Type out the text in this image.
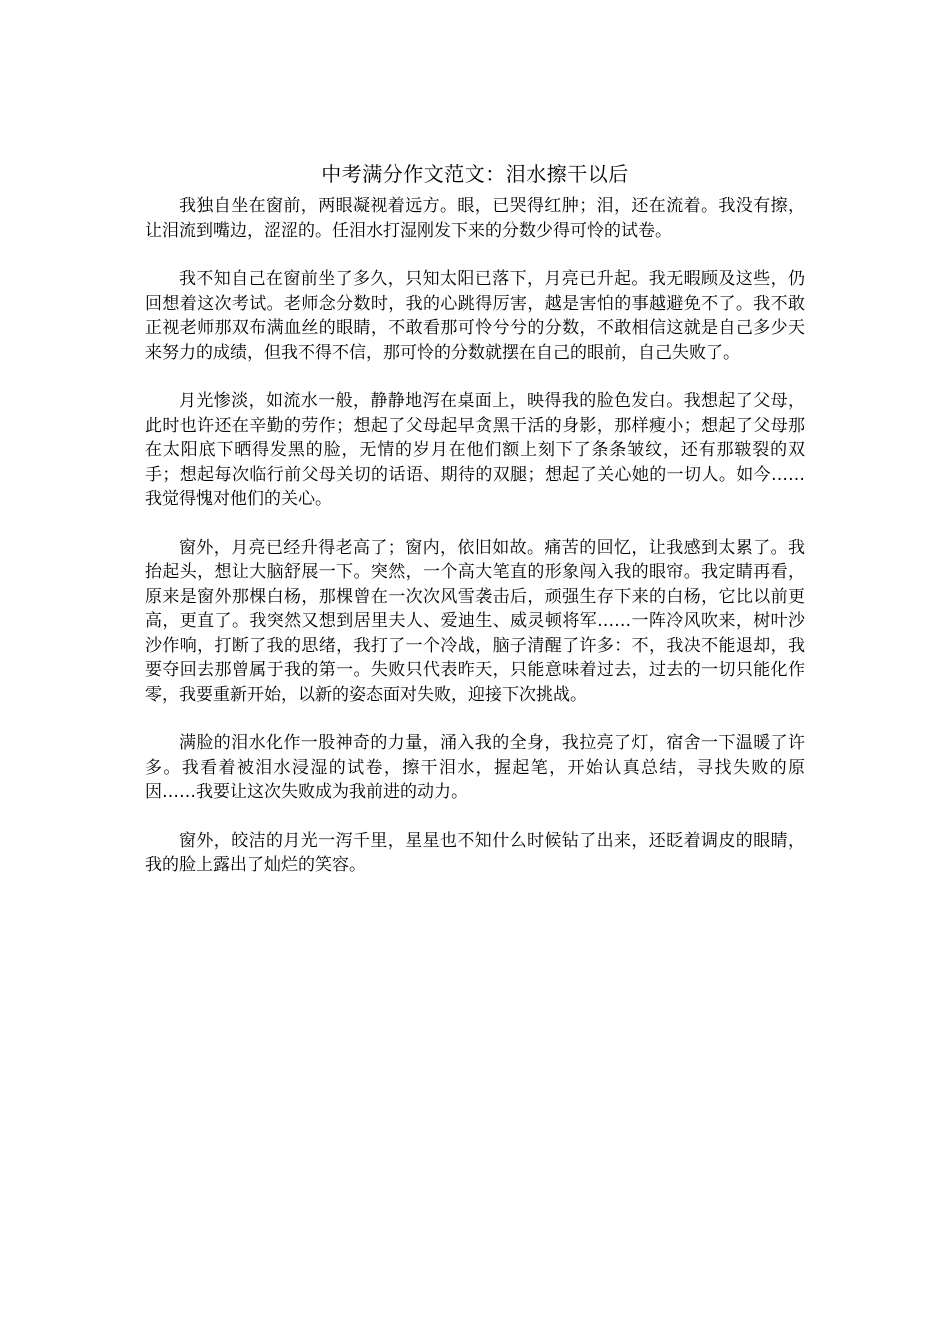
中考满分作文范文：泪水擦干以后

我独自坐在窗前，两眼凝视着远方。眼，已哭得红肿；泪，还在流着。我没有擦，让泪流到嘴边，涩涩的。任泪水打湿刚发下来的分数少得可怜的试卷。

我不知自己在窗前坐了多久，只知太阳已落下，月亮已升起。我无暇顾及这些，仍回想着这次考试。老师念分数时，我的心跳得厉害，越是害怕的事越避免不了。我不敢正视老师那双布满血丝的眼睛，不敢看那可怜兮兮的分数，不敢相信这就是自己多少天来努力的成绩，但我不得不信，那可怜的分数就摆在自己的眼前，自己失败了。

月光惨淡，如流水一般，静静地泻在桌面上，映得我的脸色发白。我想起了父母，此时也许还在辛勤的劳作；想起了父母起早贪黑干活的身影，那样瘦小；想起了父母那在太阳底下晒得发黑的脸，无情的岁月在他们额上刻下了条条皱纹，还有那皲裂的双手；想起每次临行前父母关切的话语、期待的双腿；想起了关心她的一切人。如今……我觉得愧对他们的关心。

窗外，月亮已经升得老高了；窗内，依旧如故。痛苦的回忆，让我感到太累了。我抬起头，想让大脑舒展一下。突然，一个高大笔直的形象闯入我的眼帘。我定睛再看，原来是窗外那棵白杨，那棵曾在一次次风雪袭击后，顽强生存下来的白杨，它比以前更高，更直了。我突然又想到居里夫人、爱迪生、威灵顿将军……一阵冷风吹来，树叶沙沙作响，打断了我的思绪，我打了一个冷战，脑子清醒了许多：不，我决不能退却，我要夺回去那曾属于我的第一。失败只代表昨天，只能意味着过去，过去的一切只能化作零，我要重新开始，以新的姿态面对失败，迎接下次挑战。

满脸的泪水化作一股神奇的力量，涌入我的全身，我拉亮了灯，宿舍一下温暖了许多。我看着被泪水浸湿的试卷，擦干泪水，握起笔，开始认真总结，寻找失败的原因……我要让这次失败成为我前进的动力。

窗外，皎洁的月光一泻千里，星星也不知什么时候钻了出来，还眨着调皮的眼睛，我的脸上露出了灿烂的笑容。
